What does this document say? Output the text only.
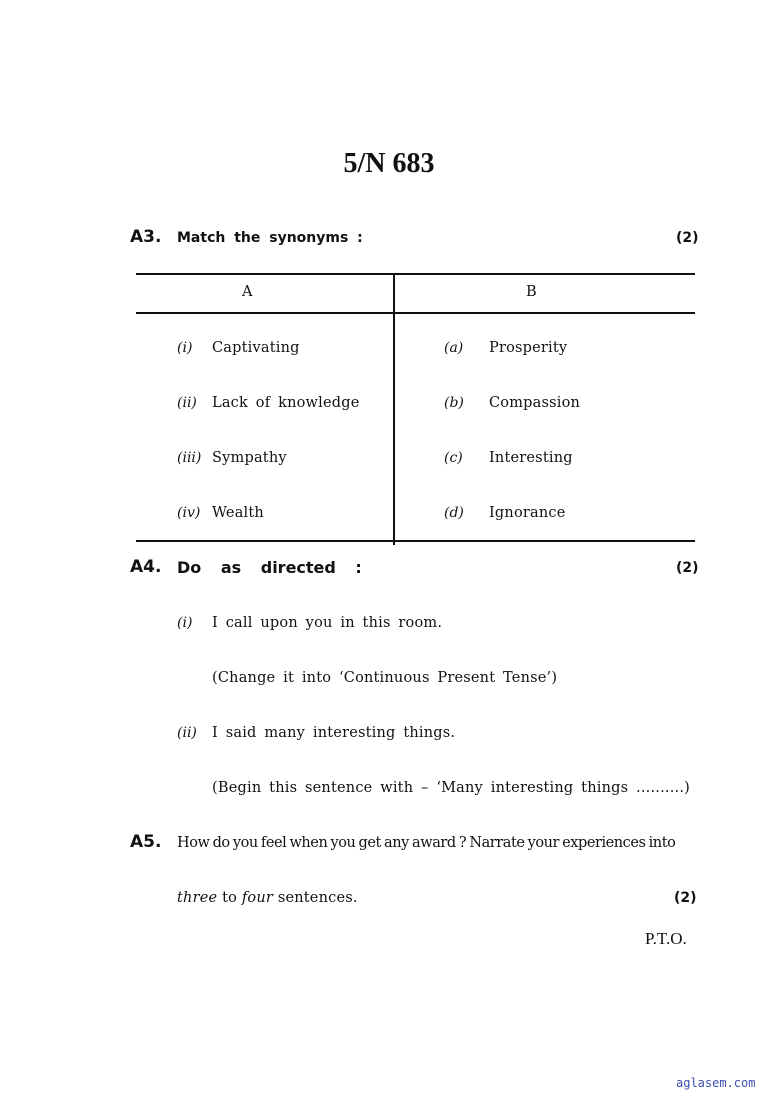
5/N 683
A3. Match the synonyms :	(2)
A	B
(i) Captivating	(a) Prosperity
(ii) Lack of knowledge	(b) Compassion
(iii) Sympathy	(c) Interesting
(iv) Wealth	(d) Ignorance
A4. Do as directed :	(2)
(i) I call upon you in this room.
(Change it into ‘Continuous Present Tense’)
(ii) I said many interesting things.
(Begin this sentence with – ‘Many interesting things ..........)
A5. How do you feel when you get any award ? Narrate your experiences into
three to four sentences.	(2)
P.T.O.
aglasem.com
